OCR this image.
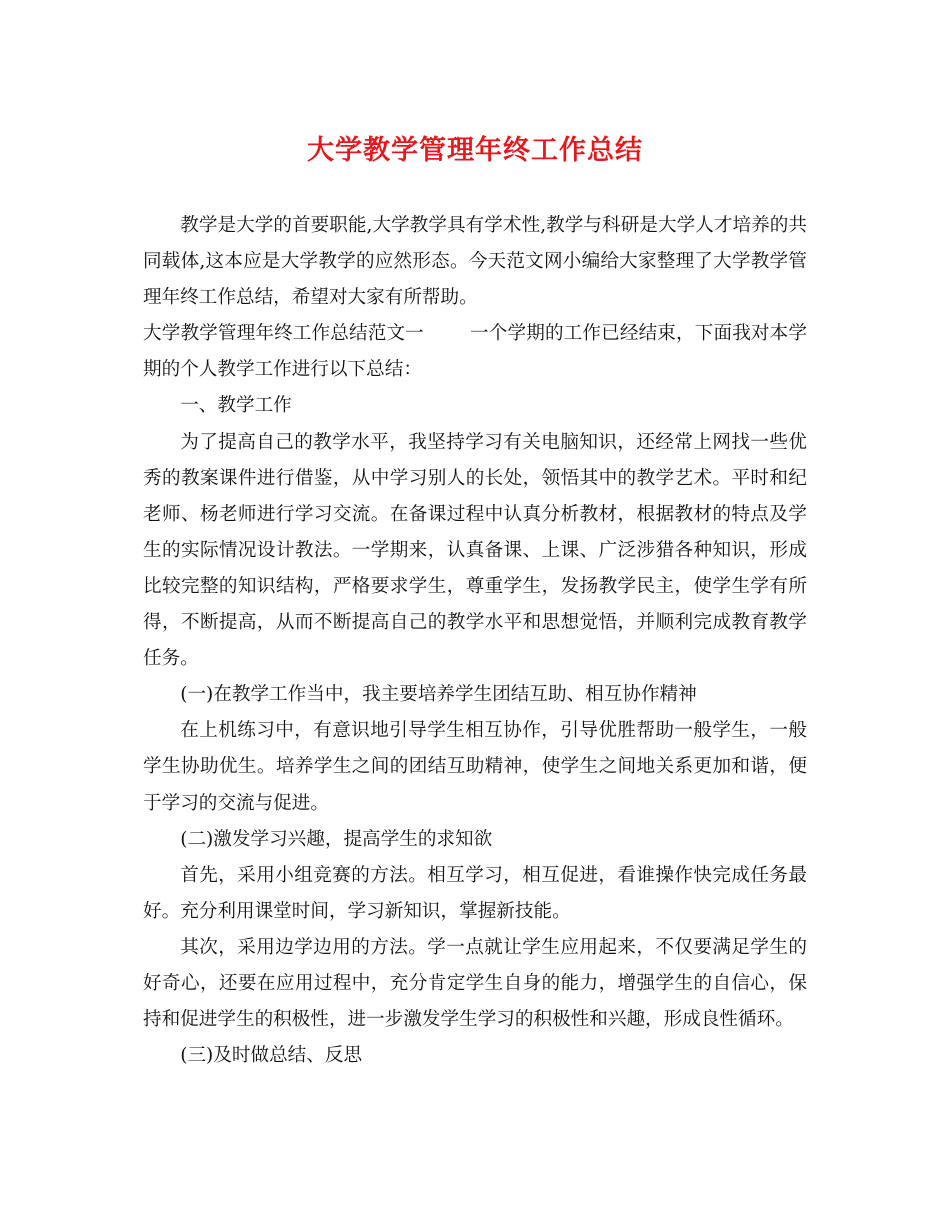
大学教学管理年终工作总结

教学是大学的首要职能,大学教学具有学术性,教学与科研是大学人才培养的共同载体,这本应是大学教学的应然形态。今天范文网小编给大家整理了大学教学管理年终工作总结，希望对大家有所帮助。

大学教学管理年终工作总结范文一 一个学期的工作已经结束，下面我对本学期的个人教学工作进行以下总结：

一、教学工作

为了提高自己的教学水平，我坚持学习有关电脑知识，还经常上网找一些优秀的教案课件进行借鉴，从中学习别人的长处，领悟其中的教学艺术。平时和纪老师、杨老师进行学习交流。在备课过程中认真分析教材，根据教材的特点及学生的实际情况设计教法。一学期来，认真备课、上课、广泛涉猎各种知识，形成比较完整的知识结构，严格要求学生，尊重学生，发扬教学民主，使学生学有所得，不断提高，从而不断提高自己的教学水平和思想觉悟，并顺利完成教育教学任务。

(一)在教学工作当中，我主要培养学生团结互助、相互协作精神

在上机练习中，有意识地引导学生相互协作，引导优胜帮助一般学生，一般学生协助优生。培养学生之间的团结互助精神，使学生之间地关系更加和谐，便于学习的交流与促进。

(二)激发学习兴趣，提高学生的求知欲

首先，采用小组竞赛的方法。相互学习，相互促进，看谁操作快完成任务最好。充分利用课堂时间，学习新知识，掌握新技能。

其次，采用边学边用的方法。学一点就让学生应用起来，不仅要满足学生的好奇心，还要在应用过程中，充分肯定学生自身的能力，增强学生的自信心，保持和促进学生的积极性，进一步激发学生学习的积极性和兴趣，形成良性循环。

(三)及时做总结、反思
